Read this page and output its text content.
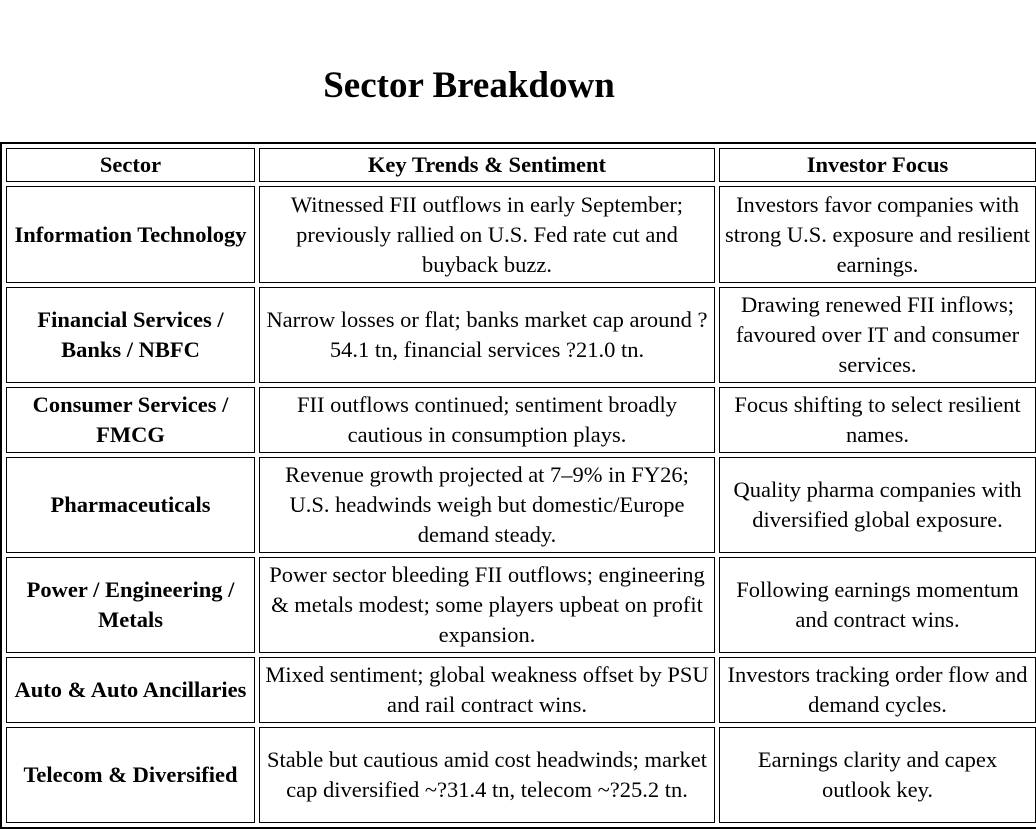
Sector Breakdown
Sector	Key Trends & Sentiment	Investor Focus
Information Technology	Witnessed FII outflows in early September; previously rallied on U.S. Fed rate cut and buyback buzz.	Investors favor companies with strong U.S. exposure and resilient earnings.
Financial Services / Banks / NBFC	Narrow losses or flat; banks market cap around ?54.1 tn, financial services ?21.0 tn.	Drawing renewed FII inflows; favoured over IT and consumer services.
Consumer Services / FMCG	FII outflows continued; sentiment broadly cautious in consumption plays.	Focus shifting to select resilient names.
Pharmaceuticals	Revenue growth projected at 7–9% in FY26; U.S. headwinds weigh but domestic/Europe demand steady.	Quality pharma companies with diversified global exposure.
Power / Engineering / Metals	Power sector bleeding FII outflows; engineering & metals modest; some players upbeat on profit expansion.	Following earnings momentum and contract wins.
Auto & Auto Ancillaries	Mixed sentiment; global weakness offset by PSU and rail contract wins.	Investors tracking order flow and demand cycles.
Telecom & Diversified	Stable but cautious amid cost headwinds; market cap diversified ~?31.4 tn, telecom ~?25.2 tn.	Earnings clarity and capex outlook key.
